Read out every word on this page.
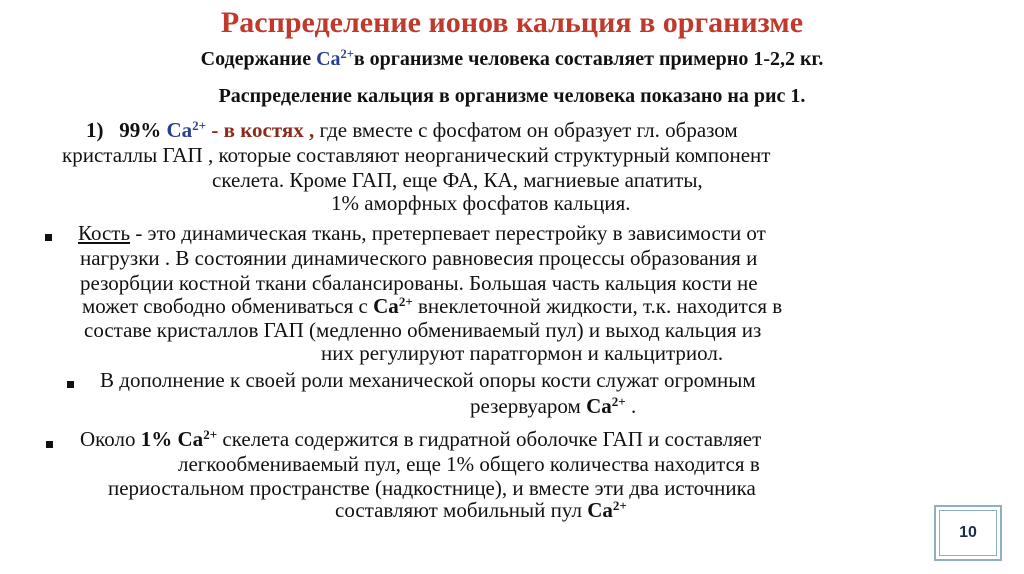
Распределение ионов кальция в организме
Содержание $Ca^{2+}в$ организме человека составляет примерно 1-2,2 кг.
Распределение кальция в организме человека показано на рис 1.
1) 99% $Ca^{2+}$ - в костях , где вместе с фосфатом он образует гл. образом
кристаллы ГАП , которые составляют неорганический структурный компонент
скелета. Кроме ГАП, еще ФА, КА, магниевые апатиты,
1% аморфных фосфатов кальция.
Кость - это динамическая ткань, претерпевает перестройку в зависимости от
нагрузки . В состоянии динамического равновесия процессы образования и
резорбции костной ткани сбалансированы. Большая часть кальция кости не
может свободно обмениваться с $Ca^{2+}$ внеклеточной жидкости, т.к. находится в
составе кристаллов ГАП (медленно обмениваемый пул) и выход кальция из
них регулируют паратгормон и кальцитриол.
В дополнение к своей роли механической опоры кости служат огромным
резервуаром $Ca^{2+}$ .
Около 1% $Ca^{2+}$ скелета содержится в гидратной оболочке ГАП и составляет
легкообмениваемый пул, еще 1% общего количества находится в
периостальном пространстве (надкостнице), и вместе эти два источника
составляют мобильный пул $Ca^{2+}$
10
